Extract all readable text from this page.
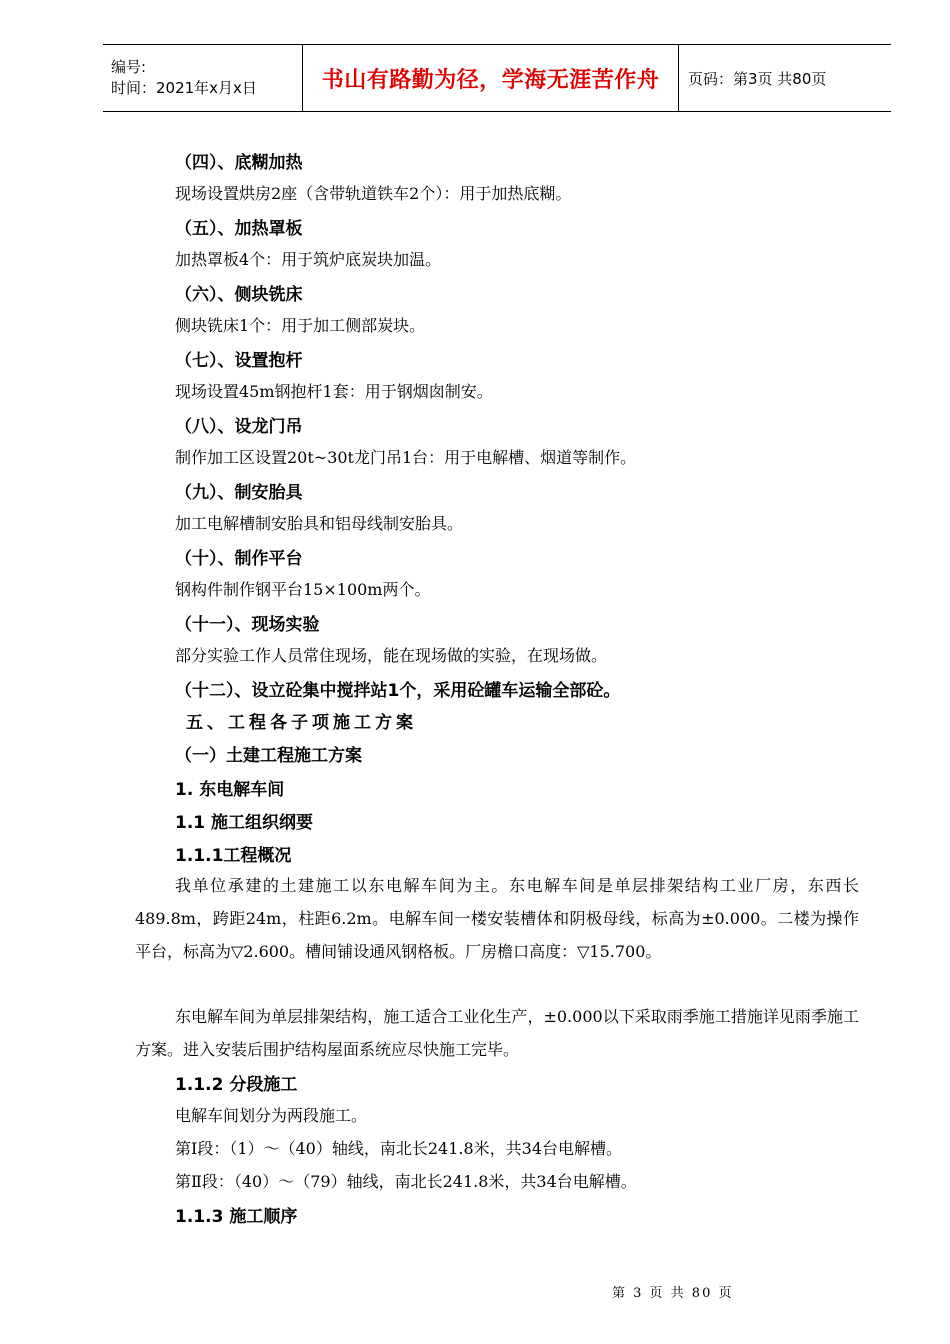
编号:
时间：2021年x月x日	书山有路勤为径，学海无涯苦作舟 页码：第3页 共80页
（四）、底糊加热
现场设置烘房2座（含带轨道铁车2个）：用于加热底糊。
（五）、加热罩板
加热罩板4个：用于筑炉底炭块加温。
（六）、侧块铣床
侧块铣床1个：用于加工侧部炭块。
（七）、设置抱杆
现场设置45m钢抱杆1套：用于钢烟囱制安。
（八）、设龙门吊
制作加工区设置20t~30t龙门吊1台：用于电解槽、烟道等制作。
（九）、制安胎具
加工电解槽制安胎具和铝母线制安胎具。
（十）、制作平台
钢构件制作钢平台15×100m两个。
（十一）、现场实验
部分实验工作人员常住现场，能在现场做的实验，在现场做。
（十二）、设立砼集中搅拌站1个，采用砼罐车运输全部砼。
五、工程各子项施工方案
（一）土建工程施工方案
1. 东电解车间
1.1 施工组织纲要
1.1.1工程概况
我单位承建的土建施工以东电解车间为主。东电解车间是单层排架结构工业厂房，东西长489.8m，跨距24m，柱距6.2m。电解车间一楼安装槽体和阴极母线，标高为±0.000。二楼为操作平台，标高为▽2.600。槽间铺设通风钢格板。厂房檐口高度：▽15.700。
东电解车间为单层排架结构，施工适合工业化生产，±0.000以下采取雨季施工措施详见雨季施工方案。进入安装后围护结构屋面系统应尽快施工完毕。
1.1.2 分段施工
电解车间划分为两段施工。
第Ⅰ段：（1）～（40）轴线，南北长241.8米，共34台电解槽。
第Ⅱ段：（40）～（79）轴线，南北长241.8米，共34台电解槽。
1.1.3 施工顺序
第 3 页 共 80 页
